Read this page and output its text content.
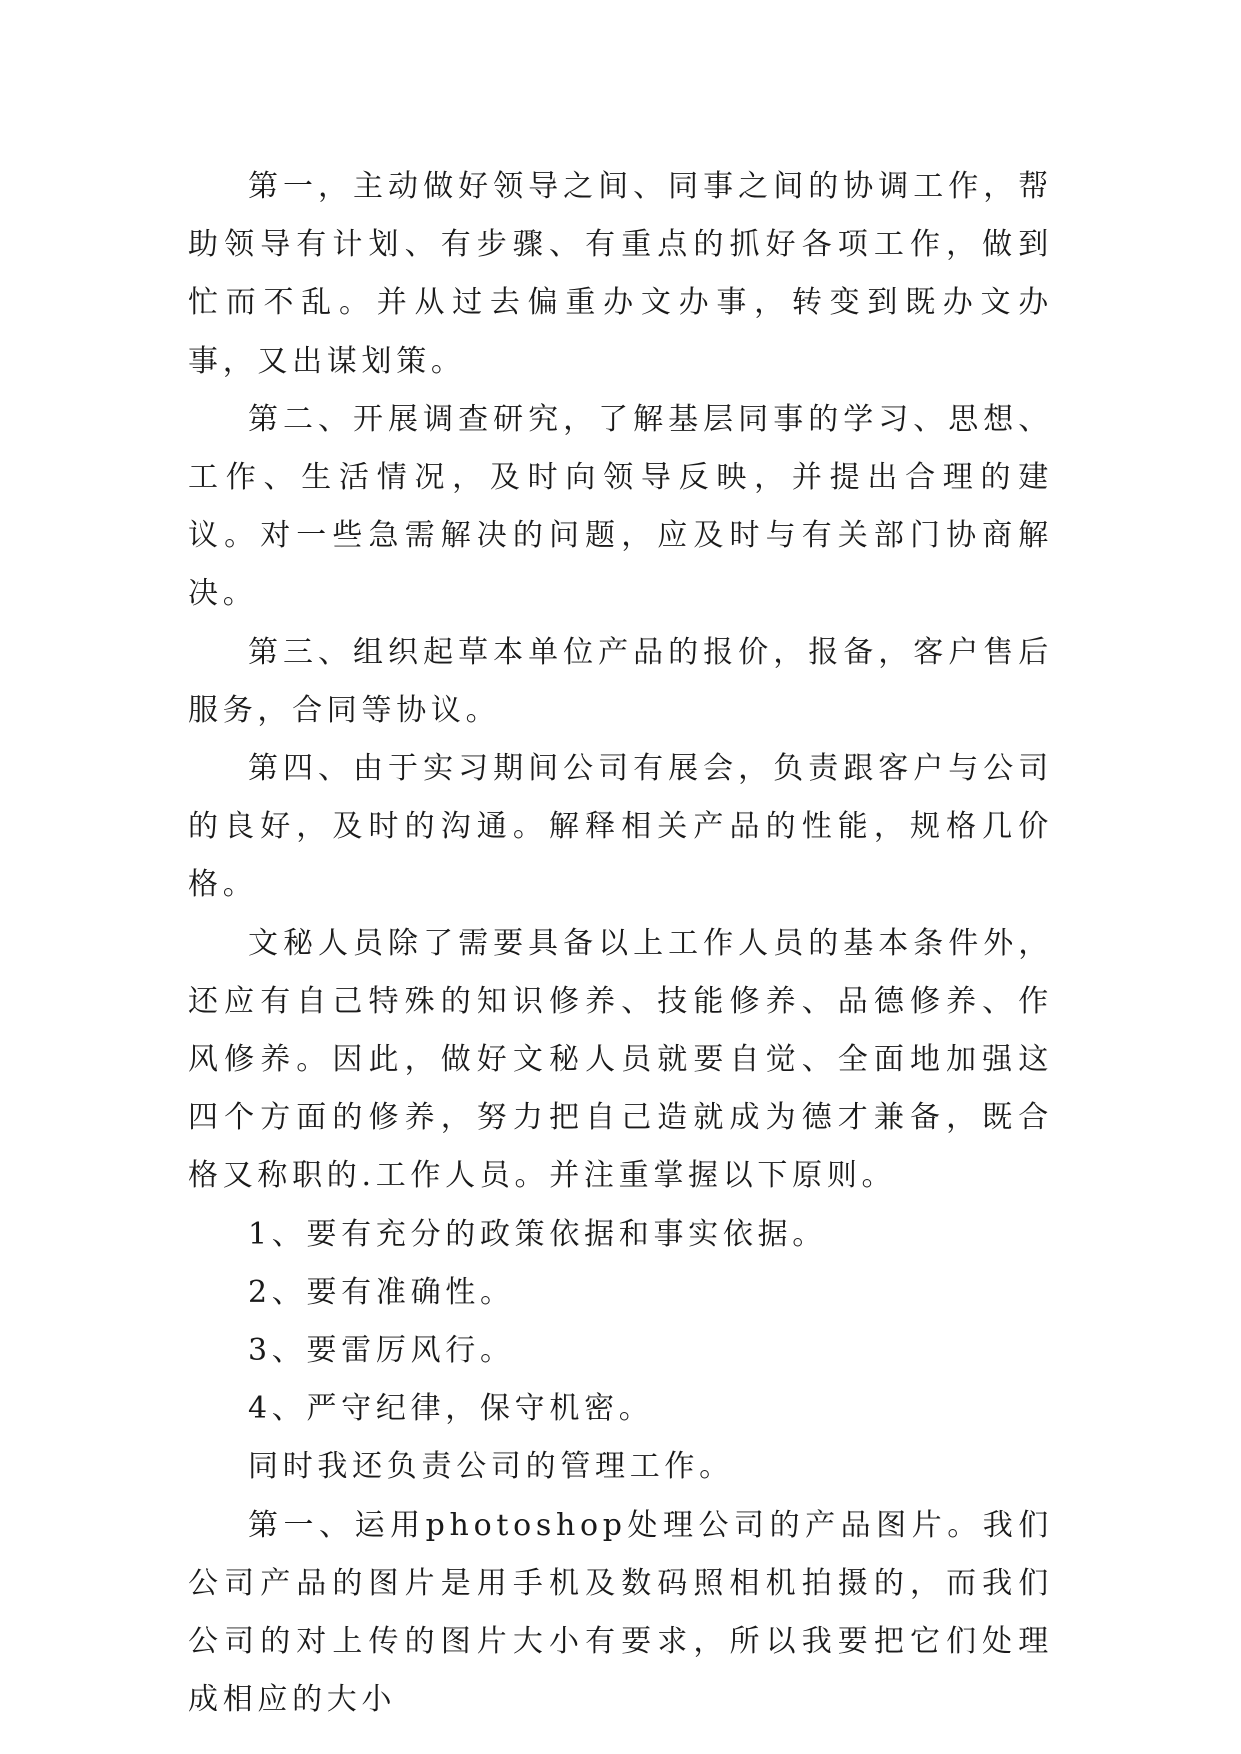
第一，主动做好领导之间、同事之间的协调工作，帮助领导有计划、有步骤、有重点的抓好各项工作，做到忙而不乱。并从过去偏重办文办事，转变到既办文办事，又出谋划策。

第二、开展调查研究，了解基层同事的学习、思想、工作、生活情况，及时向领导反映，并提出合理的建议。对一些急需解决的问题，应及时与有关部门协商解决。

第三、组织起草本单位产品的报价，报备，客户售后服务，合同等协议。

第四、由于实习期间公司有展会，负责跟客户与公司的良好，及时的沟通。解释相关产品的性能，规格几价格。

文秘人员除了需要具备以上工作人员的基本条件外，还应有自己特殊的知识修养、技能修养、品德修养、作风修养。因此，做好文秘人员就要自觉、全面地加强这四个方面的修养，努力把自己造就成为德才兼备，既合格又称职的.工作人员。并注重掌握以下原则。

1、要有充分的政策依据和事实依据。

2、要有准确性。

3、要雷厉风行。

4、严守纪律，保守机密。

同时我还负责公司的管理工作。

第一、运用photoshop处理公司的产品图片。我们公司产品的图片是用手机及数码照相机拍摄的，而我们公司的对上传的图片大小有要求，所以我要把它们处理成相应的大小
